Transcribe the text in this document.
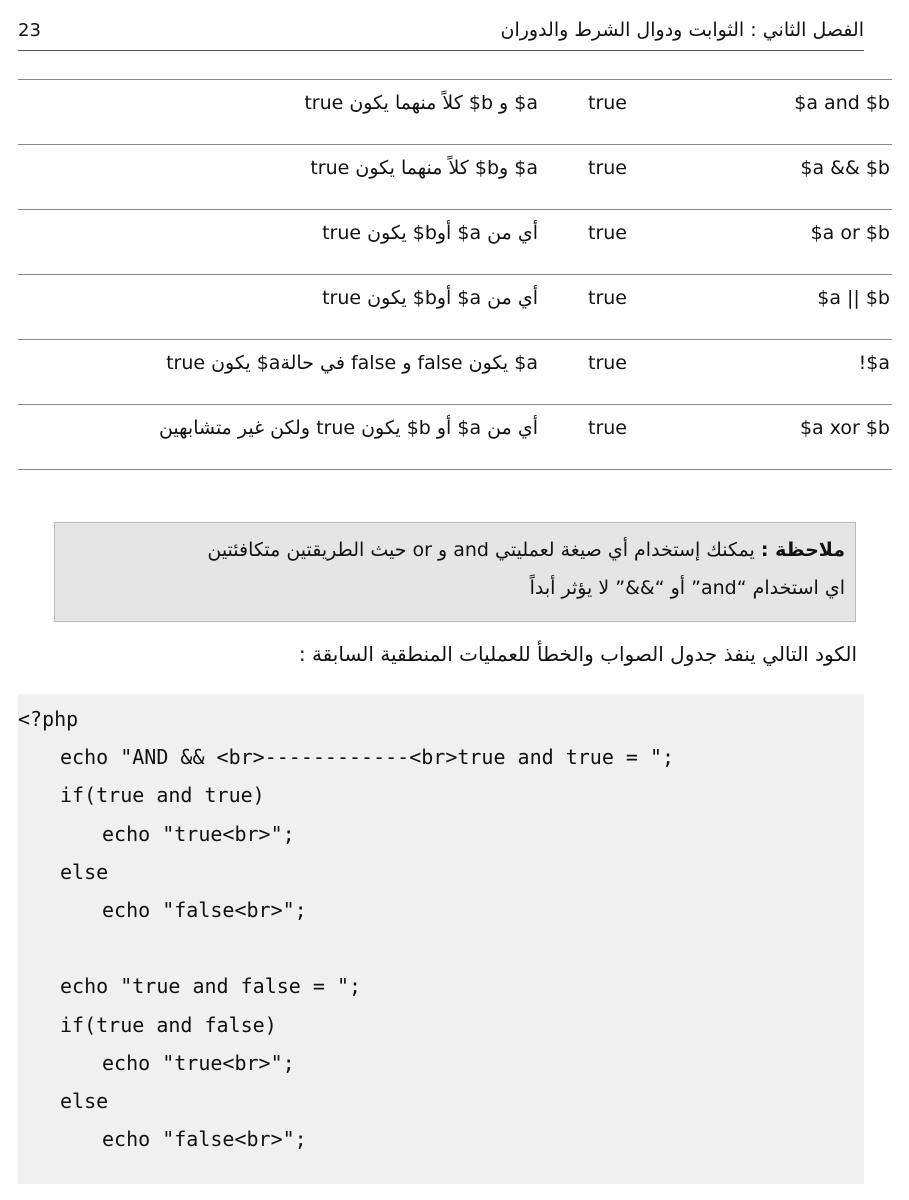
23	الفصل الثاني : الثوابت ودوال الشرط والدوران
$a and $b
true
a$ و b$ كلاً منهما يكون true
$a && $b
true
a$ وb$ كلاً منهما يكون true
$a or $b
true
أي من a$ أوb$ يكون true
$a || $b
true
أي من a$ أوb$ يكون true
!$a
true
a$ يكون false و false في حالةa$ يكون true
$a xor $b
true
أي من a$ أو b$ يكون true ولكن غير متشابهين
ملاحظة : يمكنك إستخدام أي صيغة لعمليتي and و or حيث الطريقتين متكافئتين
اي استخدام “and” أو “&&” لا يؤثر أبداً
الكود التالي ينفذ جدول الصواب والخطأ للعمليات المنطقية السابقة :
<?php
echo "AND && <br>------------<br>true and true = ";
if(true and true)
echo "true<br>";
else
echo "false<br>";
echo "true and false = ";
if(true and false)
echo "true<br>";
else
echo "false<br>";
